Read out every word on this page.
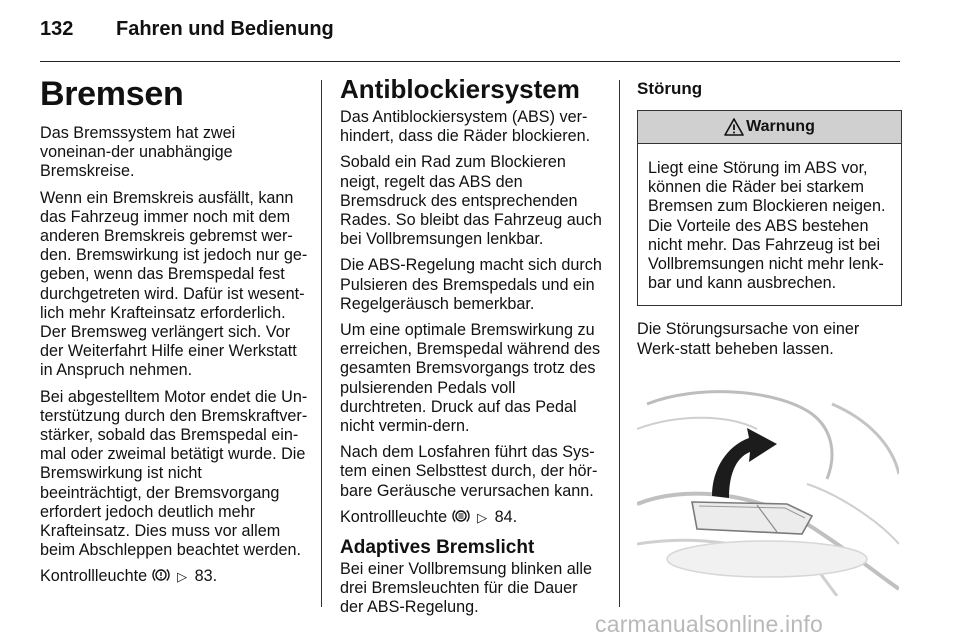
132 Fahren und Bedienung
Bremsen

Das Bremssystem hat zwei voneinan-der unabhängige Bremskreise.

Wenn ein Bremskreis ausfällt, kann das Fahrzeug immer noch mit dem anderen Bremskreis gebremst wer-den. Bremswirkung ist jedoch nur ge-geben, wenn das Bremspedal fest durchgetreten wird. Dafür ist wesent-lich mehr Krafteinsatz erforderlich. Der Bremsweg verlängert sich. Vor der Weiterfahrt Hilfe einer Werkstatt in Anspruch nehmen.

Bei abgestelltem Motor endet die Un-terstützung durch den Bremskraftver-stärker, sobald das Bremspedal ein-mal oder zweimal betätigt wurde. Die Bremswirkung ist nicht beeinträchtigt, der Bremsvorgang erfordert jedoch deutlich mehr Krafteinsatz. Dies muss vor allem beim Abschleppen beachtet werden.

Kontrollleuchte ▷ 83.

Antiblockiersystem

Das Antiblockiersystem (ABS) ver-hindert, dass die Räder blockieren.

Sobald ein Rad zum Blockieren neigt, regelt das ABS den Bremsdruck des entsprechenden Rades. So bleibt das Fahrzeug auch bei Vollbremsungen lenkbar.

Die ABS-Regelung macht sich durch Pulsieren des Bremspedals und ein Regelgeräusch bemerkbar.

Um eine optimale Bremswirkung zu erreichen, Bremspedal während des gesamten Bremsvorgangs trotz des pulsierenden Pedals voll durchtreten. Druck auf das Pedal nicht vermin-dern.

Nach dem Losfahren führt das Sys-tem einen Selbsttest durch, der hör-bare Geräusche verursachen kann.

Kontrollleuchte ▷ 84.

Adaptives Bremslicht

Bei einer Vollbremsung blinken alle drei Bremsleuchten für die Dauer der ABS-Regelung.

Störung
Warnung
Liegt eine Störung im ABS vor, können die Räder bei starkem Bremsen zum Blockieren neigen. Die Vorteile des ABS bestehen nicht mehr. Das Fahrzeug ist bei Vollbremsungen nicht mehr lenk-bar und kann ausbrechen.

Die Störungsursache von einer Werk-statt beheben lassen.

carmanualsonline.info
